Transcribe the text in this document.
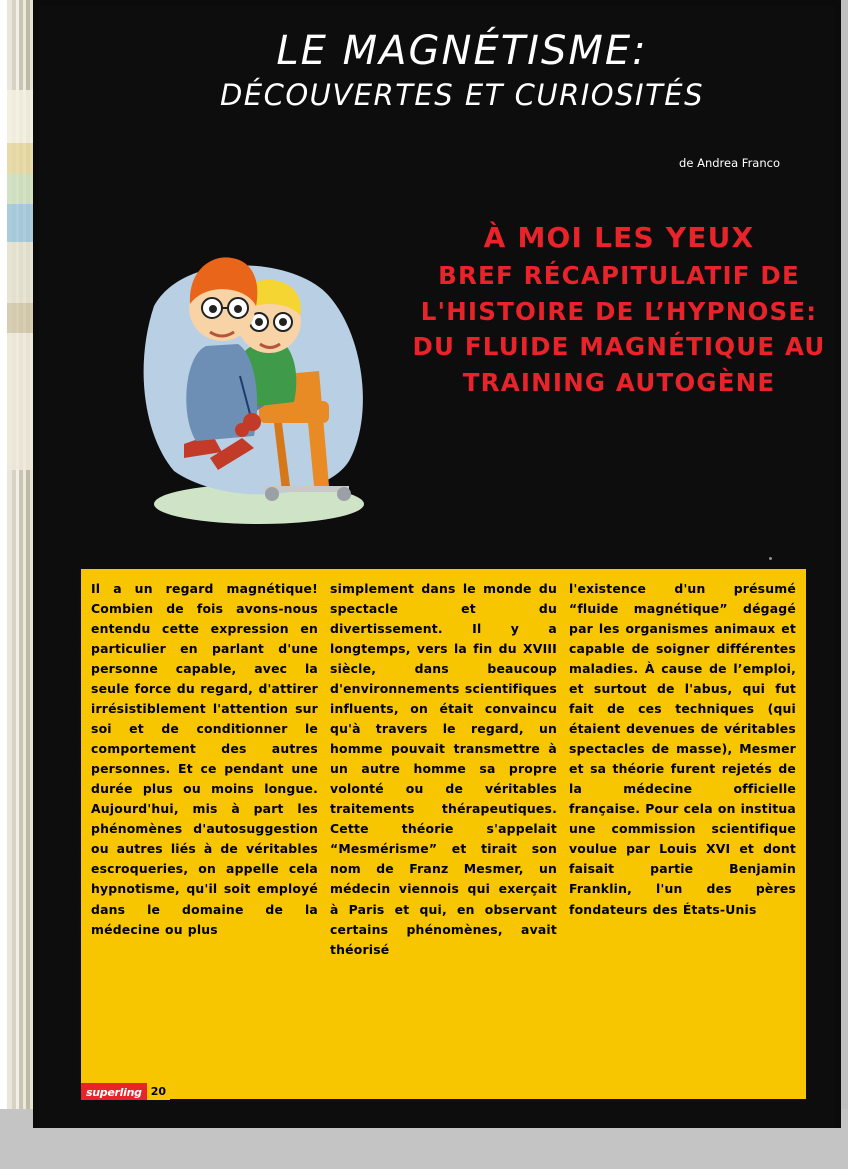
LE MAGNÉTISME:
DÉCOUVERTES ET CURIOSITÉS
de Andrea Franco
À MOI LES YEUX
BREF RÉCAPITULATIF DE
L'HISTOIRE DE L’HYPNOSE:
DU FLUIDE MAGNÉTIQUE AU
TRAINING AUTOGÈNE

Il a un regard magnétique! Combien de fois avons-nous entendu cette expression en particulier en parlant d'une personne capable, avec la seule force du regard, d'attirer irrésistiblement l'attention sur soi et de conditionner le comportement des autres personnes. Et ce pendant une durée plus ou moins longue. Aujourd'hui, mis à part les phénomènes d'autosuggestion ou autres liés à de véritables escroqueries, on appelle cela hypnotisme, qu'il soit employé dans le domaine de la médecine ou plus

simplement dans le monde du spectacle et du divertissement. Il y a longtemps, vers la fin du XVIII siècle, dans beaucoup d'environnements scientifiques influents, on était convaincu qu'à travers le regard, un homme pouvait transmettre à un autre homme sa propre volonté ou de véritables traitements thérapeutiques. Cette théorie s'appelait “Mesmérisme” et tirait son nom de Franz Mesmer, un médecin viennois qui exerçait à Paris et qui, en observant certains phénomènes, avait théorisé

l'existence d'un présumé “fluide magnétique” dégagé par les organismes animaux et capable de soigner différentes maladies. À cause de l’emploi, et surtout de l'abus, qui fut fait de ces techniques (qui étaient devenues de véritables spectacles de masse), Mesmer et sa théorie furent rejetés de la médecine officielle française. Pour cela on institua une commission scientifique voulue par Louis XVI et dont faisait partie Benjamin Franklin, l'un des pères fondateurs des États-Unis

superling 20
